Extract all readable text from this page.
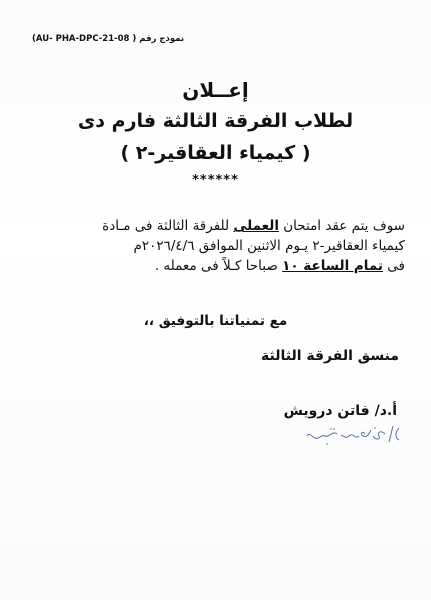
(AU- PHA-DPC-21-08 ) نموذج رقم
إعــلان
لطلاب الفرقة الثالثة فارم دى
( كيمياء العقاقير-٢ )
******
سوف يتم عقد امتحان العملى للفرقة الثالثة فى مـادة
كيمياء العقاقير-٢ يـوم الاثنين الموافق ٢٠٢٦/٤/٦م
فى تمام الساعة ١٠ صباحا كـلاً فى معمله .
مع تمنياتنا بالتوفيق ،،
منسق الفرقة الثالثة
أ.د/ فاتن درويش
